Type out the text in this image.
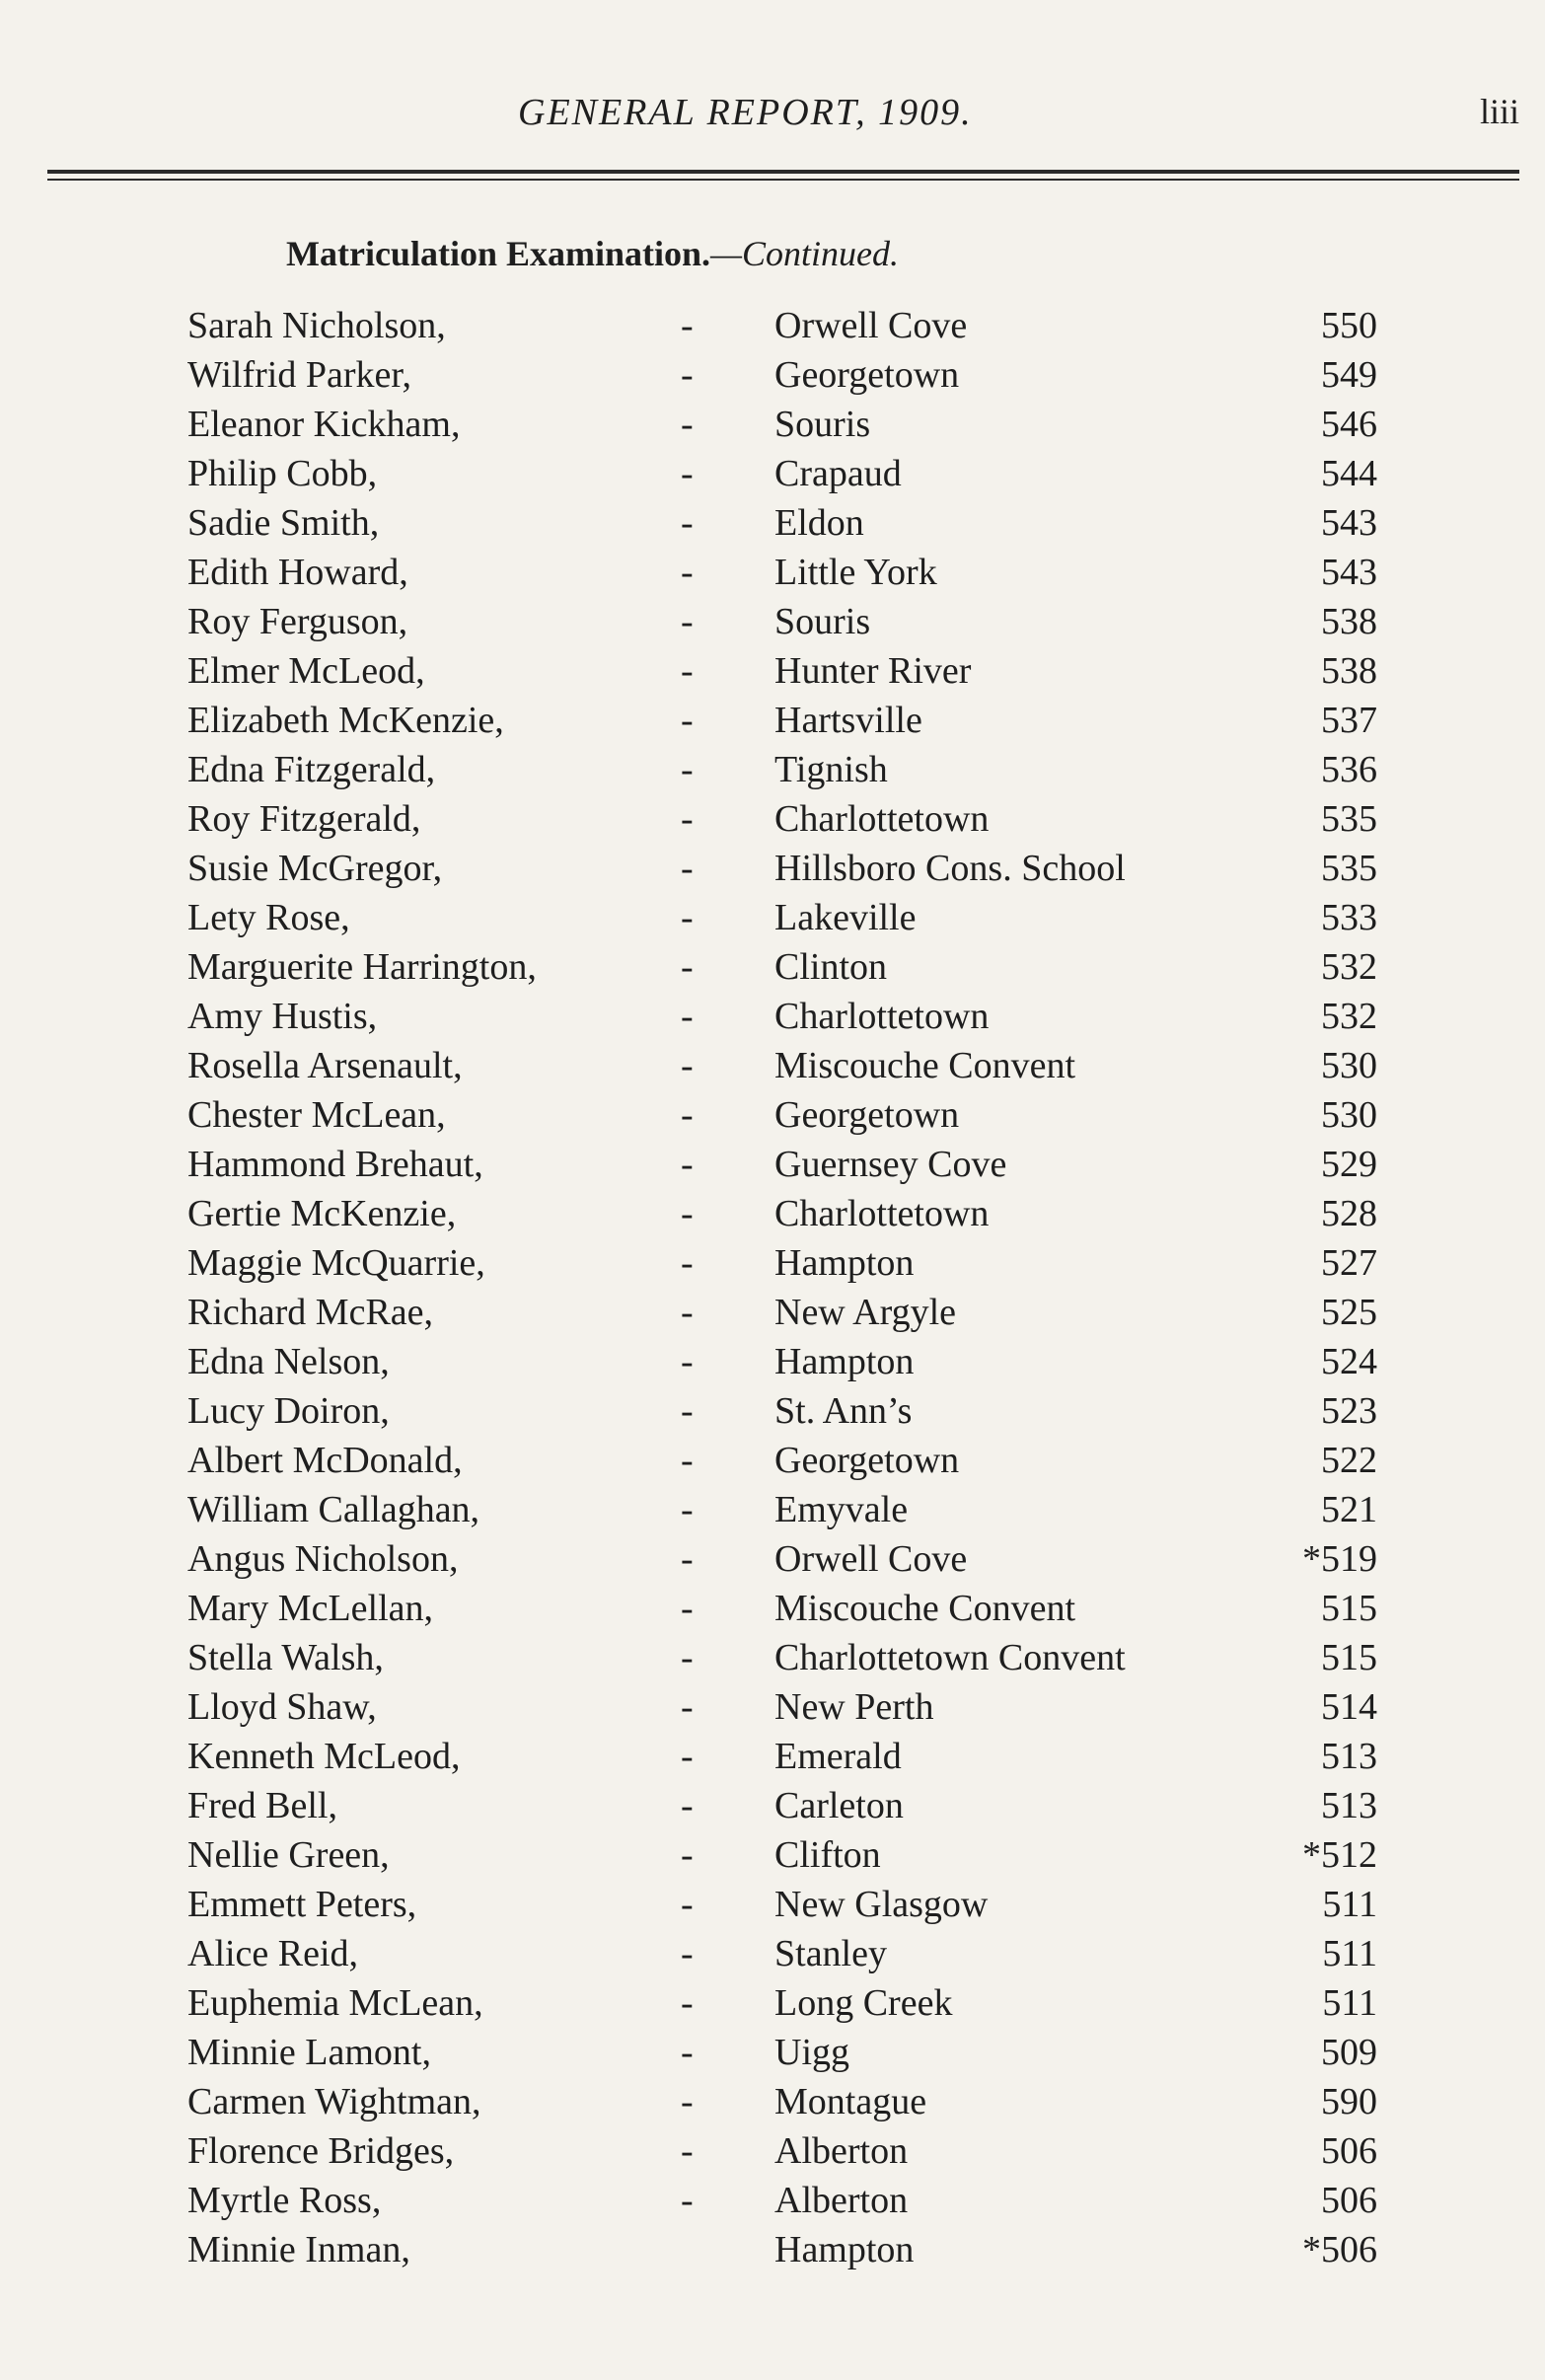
GENERAL REPORT, 1909.	liii
Matriculation Examination.—Continued.
Sarah Nicholson,	- Orwell Cove	550
Wilfrid Parker,	- Georgetown	549
Eleanor Kickham,	- Souris	546
Philip Cobb,	- Crapaud	544
Sadie Smith,	- Eldon	543
Edith Howard,	- Little York	543
Roy Ferguson,	- Souris	538
Elmer McLeod,	- Hunter River	538
Elizabeth McKenzie,	- Hartsville	537
Edna Fitzgerald,	- Tignish	536
Roy Fitzgerald,	- Charlottetown	535
Susie McGregor,	- Hillsboro Cons. School	535
Lety Rose,	- Lakeville	533
Marguerite Harrington,	- Clinton	532
Amy Hustis,	- Charlottetown	532
Rosella Arsenault,	- Miscouche Convent	530
Chester McLean,	- Georgetown	530
Hammond Brehaut,	- Guernsey Cove	529
Gertie McKenzie,	- Charlottetown	528
Maggie McQuarrie,	- Hampton	527
Richard McRae,	- New Argyle	525
Edna Nelson,	- Hampton	524
Lucy Doiron,	- St. Ann’s	523
Albert McDonald,	- Georgetown	522
William Callaghan,	- Emyvale	521
Angus Nicholson,	- Orwell Cove	*519
Mary McLellan,	- Miscouche Convent	515
Stella Walsh,	- Charlottetown Convent	515
Lloyd Shaw,	- New Perth	514
Kenneth McLeod,	- Emerald	513
Fred Bell,	- Carleton	513
Nellie Green,	- Clifton	*512
Emmett Peters,	- New Glasgow	511
Alice Reid,	- Stanley	511
Euphemia McLean,	- Long Creek	511
Minnie Lamont,	- Uigg	509
Carmen Wightman,	- Montague	590
Florence Bridges,	- Alberton	506
Myrtle Ross,	- Alberton	506
Minnie Inman,	Hampton	*506
